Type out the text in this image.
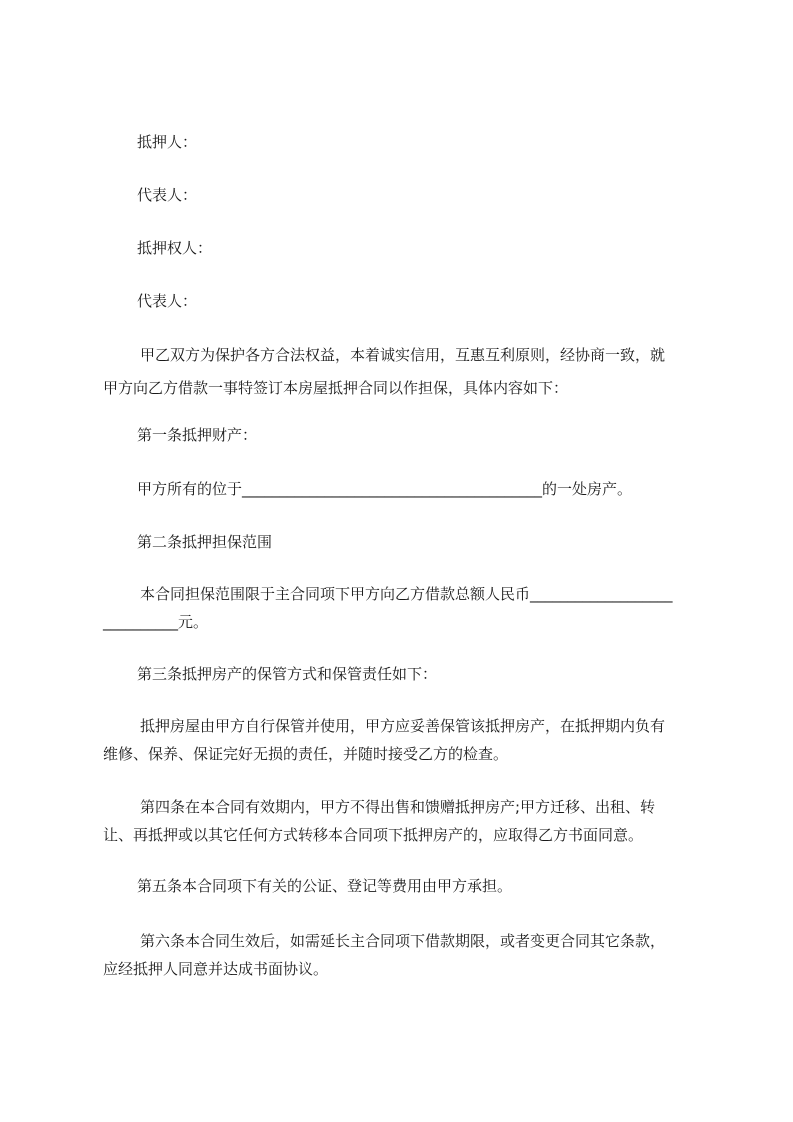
抵押人：
代表人：
抵押权人：
代表人：
甲乙双方为保护各方合法权益，本着诚实信用，互惠互利原则，经协商一致，就
甲方向乙方借款一事特签订本房屋抵押合同以作担保，具体内容如下：
第一条抵押财产：
甲方所有的位于________________________________________的一处房产。
第二条抵押担保范围
本合同担保范围限于主合同项下甲方向乙方借款总额人民币___________________
__________元。
第三条抵押房产的保管方式和保管责任如下：
抵押房屋由甲方自行保管并使用，甲方应妥善保管该抵押房产，在抵押期内负有
维修、保养、保证完好无损的责任，并随时接受乙方的检查。
第四条在本合同有效期内，甲方不得出售和馈赠抵押房产;甲方迁移、出租、转
让、再抵押或以其它任何方式转移本合同项下抵押房产的，应取得乙方书面同意。
第五条本合同项下有关的公证、登记等费用由甲方承担。
第六条本合同生效后，如需延长主合同项下借款期限，或者变更合同其它条款，
应经抵押人同意并达成书面协议。
